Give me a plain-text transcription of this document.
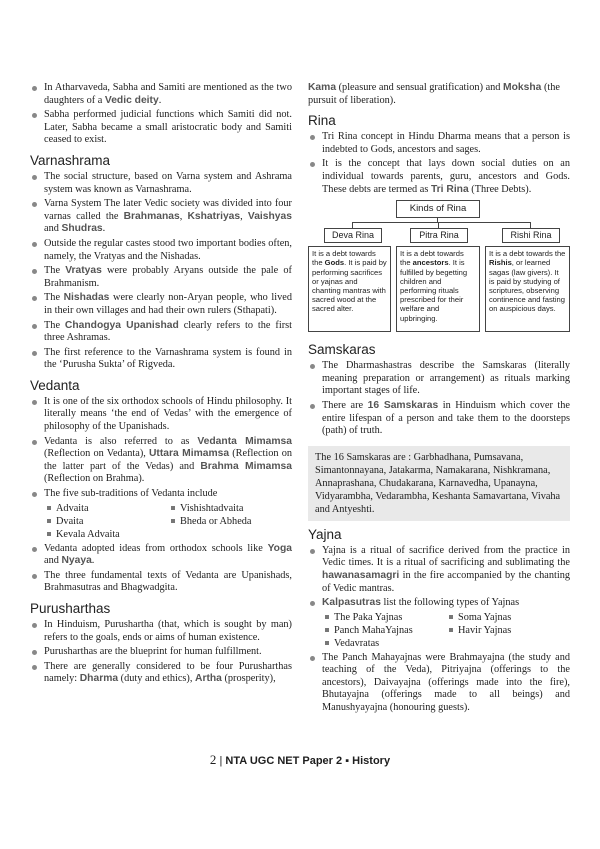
In Atharvaveda, Sabha and Samiti are mentioned as the two daughters of a Vedic deity.
Sabha performed judicial functions which Samiti did not. Later, Sabha became a small aristocratic body and Samiti ceased to exist.
Varnashrama
The social structure, based on Varna system and Ashrama system was known as Varnashrama.
Varna System The later Vedic society was divided into four varnas called the Brahmanas, Kshatriyas, Vaishyas and Shudras.
Outside the regular castes stood two important bodies often, namely, the Vratyas and the Nishadas.
The Vratyas were probably Aryans outside the pale of Brahmanism.
The Nishadas were clearly non-Aryan people, who lived in their own villages and had their own rulers (Sthapati).
The Chandogya Upanishad clearly refers to the first three Ashramas.
The first reference to the Varnashrama system is found in the ‘Purusha Sukta’ of Rigveda.
Vedanta
It is one of the six orthodox schools of Hindu philosophy. It literally means ‘the end of Vedas’ with the emergence of philosophy of the Upanishads.
Vedanta is also referred to as Vedanta Mimamsa (Reflection on Vedanta), Uttara Mimamsa (Reflection on the latter part of the Vedas) and Brahma Mimamsa (Reflection on Brahma).
The five sub-traditions of Vedanta include
Advaita	Vishishtadvaita
Dvaita	Bheda or Abheda
Kevala Advaita
Vedanta adopted ideas from orthodox schools like Yoga and Nyaya.
The three fundamental texts of Vedanta are Upanishads, Brahmasutras and Bhagwadgita.
Purusharthas
In Hinduism, Purushartha (that, which is sought by man) refers to the goals, ends or aims of human existence.
Purusharthas are the blueprint for human fulfillment.
There are generally considered to be four Purusharthas namely: Dharma (duty and ethics), Artha (prosperity),

Kama (pleasure and sensual gratification) and Moksha (the pursuit of liberation).

Rina
Tri Rina concept in Hindu Dharma means that a person is indebted to Gods, ancestors and sages.
It is the concept that lays down social duties on an individual towards parents, guru, ancestors and Gods. These debts are termed as Tri Rina (Three Debts).
Kinds of Rina
Deva Rina	Pitra Rina	Rishi Rina
It is a debt towards the Gods. It is paid by performing sacrifices or yajnas and chanting mantras with sacred wood at the sacred alter.
It is a debt towards the ancestors. It is fulfilled by begetting children and performing rituals prescribed for their welfare and upbringing.
It is a debt towards the Rishis, or learned sagas (law givers). It is paid by studying of scriptures, observing continence and fasting on auspicious days.
Samskaras
The Dharmashastras describe the Samskaras (literally meaning preparation or arrangement) as rituals marking important stages of life.
There are 16 Samskaras in Hinduism which cover the entire lifespan of a person and take them to the doorsteps (path) of truth.
The 16 Samskaras are : Garbhadhana, Pumsavana, Simantonnayana, Jatakarma, Namakarana, Nishkramana, Annaprashana, Chudakarana, Karnavedha, Upanayna, Vidyarambha, Vedarambha, Keshanta Samavartana, Vivaha and Antyeshti.
Yajna
Yajna is a ritual of sacrifice derived from the practice in Vedic times. It is a ritual of sacrificing and sublimating the hawanasamagri in the fire accompanied by the chanting of Vedic mantras.
Kalpasutras list the following types of Yajnas
The Paka Yajnas	Soma Yajnas
Panch MahaYajnas	Havir Yajnas
Vedavratas
The Panch Mahayajnas were Brahmayajna (the study and teaching of the Veda), Pitriyajna (offerings to the ancestors), Daivayajna (offerings made into the fire), Bhutayajna (offerings made to all beings) and Manushyayajna (honouring guests).
2 | NTA UGC NET Paper 2 ▪ History
